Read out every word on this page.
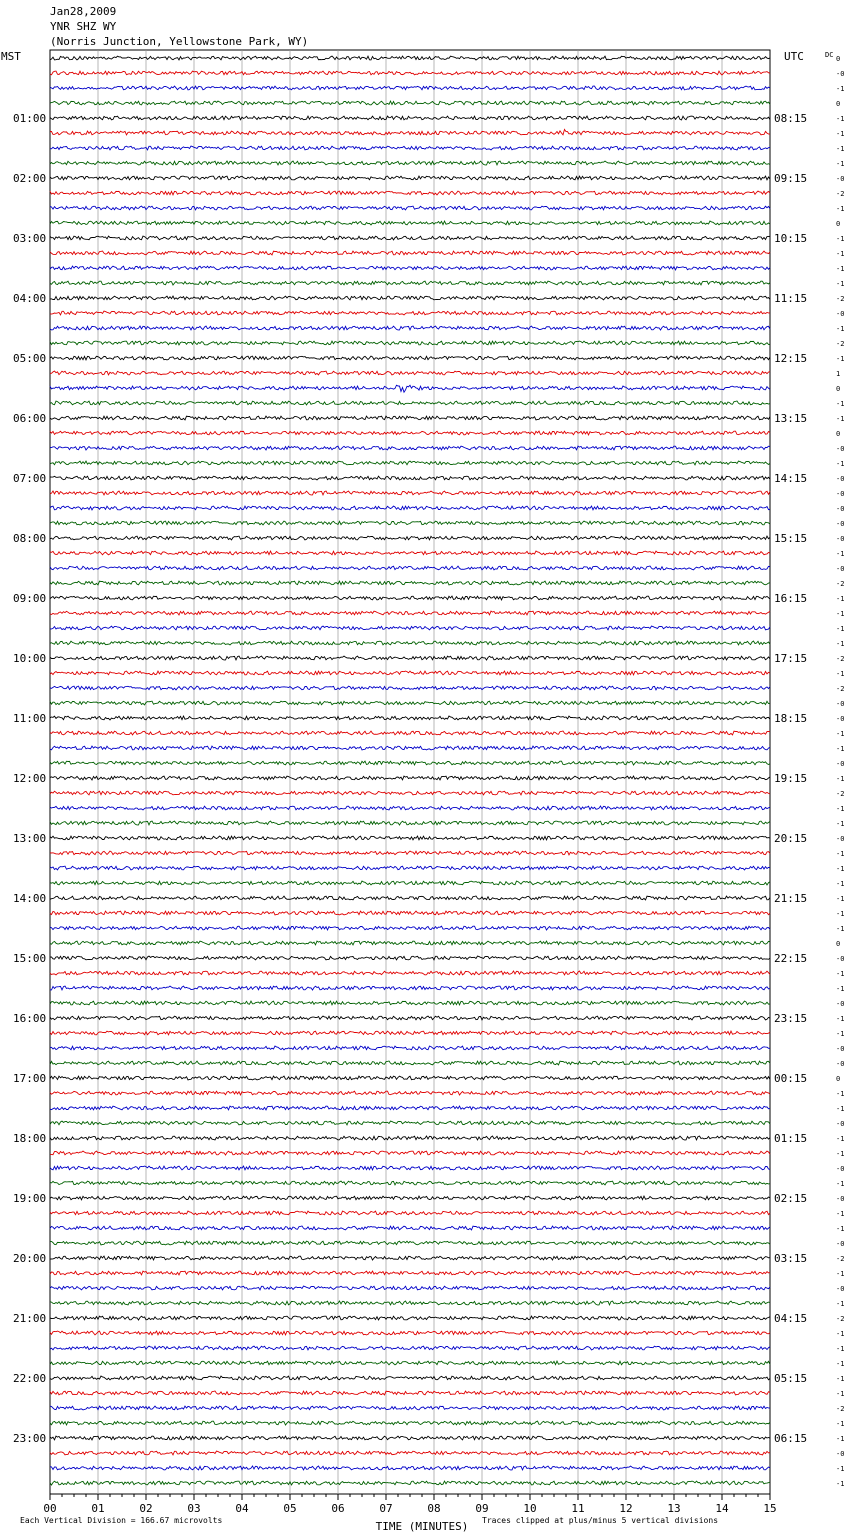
Jan28,2009
YNR SHZ WY
(Norris Junction, Yellowstone Park, WY)
MST	UTC	DC
01:00
02:00
03:00
04:00
05:00
06:00
07:00
08:00
09:00
10:00
11:00
12:00
13:00
14:00
15:00
16:00
17:00
18:00
19:00
20:00
21:00
22:00
23:00
08:15
09:15
10:15
11:15
12:15
13:15
14:15
15:15
16:15
17:15
18:15
19:15
20:15
21:15
22:15
23:15
00:15
01:15
02:15
03:15
04:15
05:15
06:15
0
-0
-1
0
-1
-1
-1
-1
-0
-2
-1
0
-1
-1
-1
-1
-2
-0
-1
-2
-1
1
0
-1
-1
0
-0
-1
-0
-0
-0
-0
-0
-1
-0
-2
-1
-1
-1
-1
-2
-1
-2
-0
-0
-1
-1
-0
-1
-2
-1
-1
-0
-1
-1
-1
-1
-1
-1
0
-0
-1
-1
-0
-1
-1
-0
-0
0
-1
-1
-0
-1
-1
-0
-1
-0
-1
-1
-0
-2
-1
-0
-1
-2
-1
-1
-1
-1
-1
-2
-1
-1
-0
-1
-1
00	01	02	03	04	05	06	07	08	09	10	11	12	13	14	15
TIME (MINUTES)
Each Vertical Division = 166.67 microvolts	Traces clipped at plus/minus 5 vertical divisions
